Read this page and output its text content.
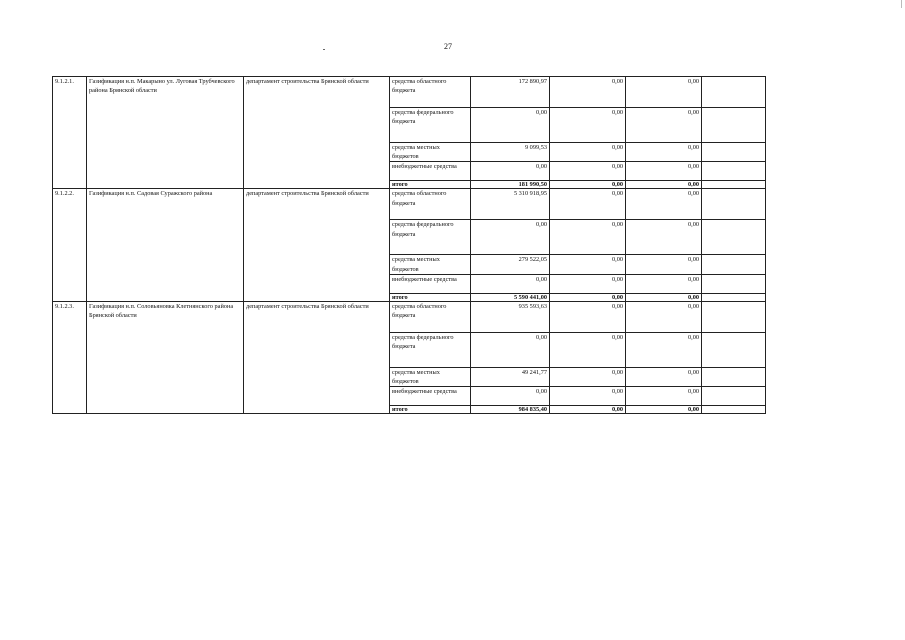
27
9.1.2.1.	Газификация н.п. Макарыно ул. Луговая Трубчевского района Брянской области	департамент строительства Брянской области	средства областного бюджета	172 890,97	0,00	0,00	
			средства федерального бюджета	0,00	0,00	0,00	
			средства местных бюджетов	9 099,53	0,00	0,00	
			внебюджетные средства	0,00	0,00	0,00	
			итого	181 990,50	0,00	0,00	
9.1.2.2.	Газификация н.п. Садовая Суражского района	департамент строительства Брянской области	средства областного бюджета	5 310 918,95	0,00	0,00	
			средства федерального бюджета	0,00	0,00	0,00	
			средства местных бюджетов	279 522,05	0,00	0,00	
			внебюджетные средства	0,00	0,00	0,00	
			итого	5 590 441,00	0,00	0,00	
9.1.2.3.	Газификация н.п. Соловьяновка Клетнянского района Брянской области	департамент строительства Брянской области	средства областного бюджета	935 593,63	0,00	0,00	
			средства федерального бюджета	0,00	0,00	0,00	
			средства местных бюджетов	49 241,77	0,00	0,00	
			внебюджетные средства	0,00	0,00	0,00	
			итого	984 835,40	0,00	0,00	
